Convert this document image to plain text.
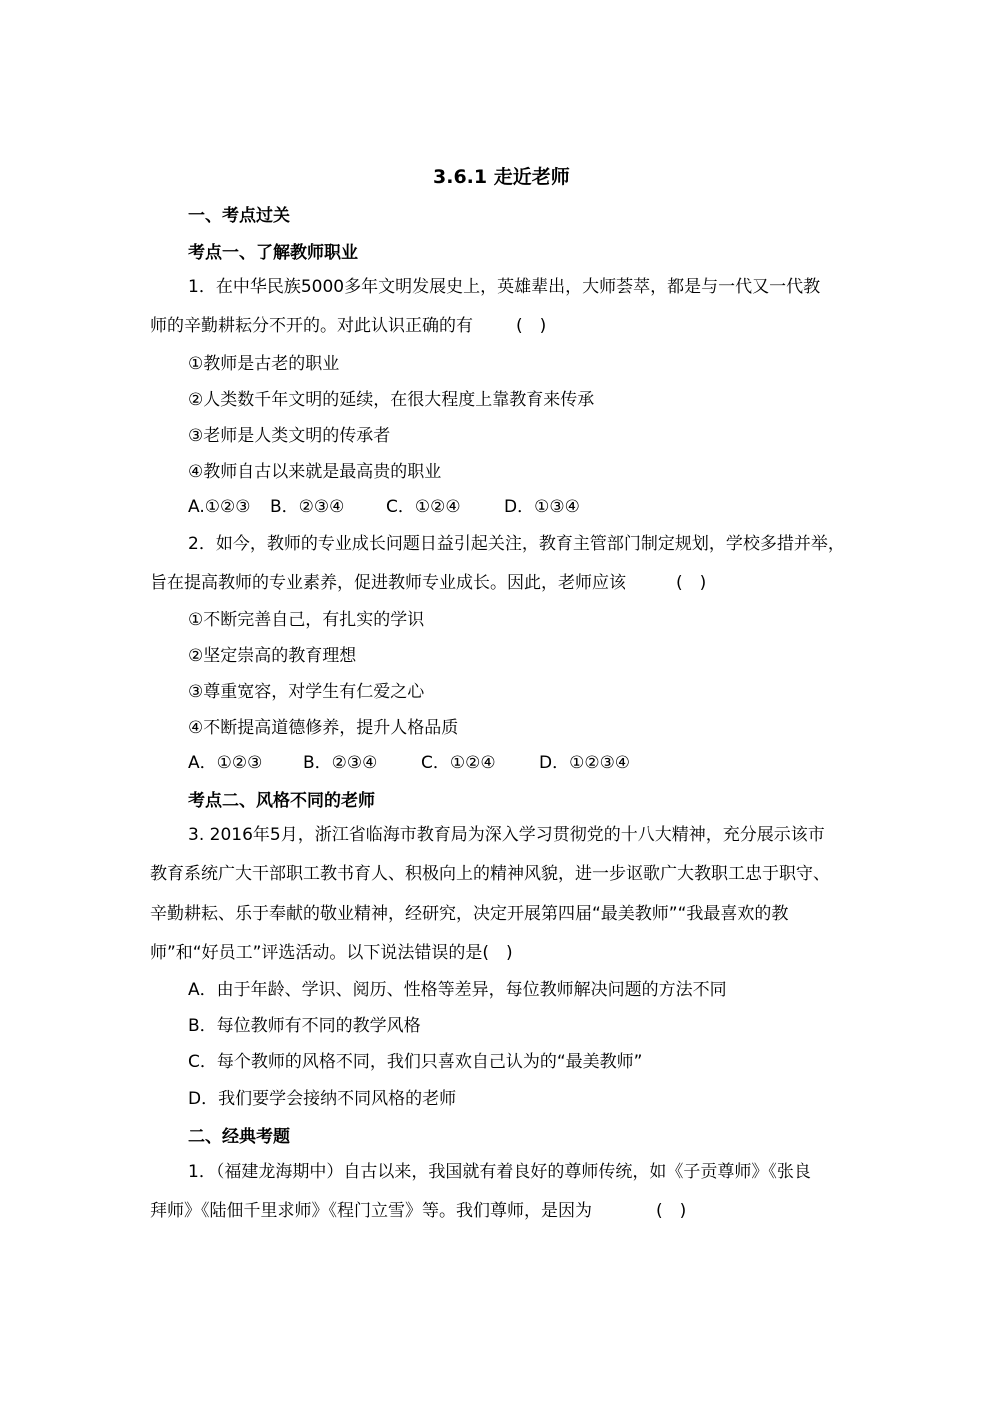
3.6.1 走近老师
一、考点过关
考点一、了解教师职业
1．在中华民族5000多年文明发展史上，英雄辈出，大师荟萃，都是与一代又一代教
师的辛勤耕耘分不开的。对此认识正确的有	(　)
①教师是古老的职业
②人类数千年文明的延续，在很大程度上靠教育来传承
③老师是人类文明的传承者
④教师自古以来就是最高贵的职业
A.①②③ B．②③④ C．①②④	D．①③④
2．如今，教师的专业成长问题日益引起关注，教育主管部门制定规划，学校多措并举，
旨在提高教师的专业素养，促进教师专业成长。因此，老师应该	(　)
①不断完善自己，有扎实的学识
②坚定崇高的教育理想
③尊重宽容，对学生有仁爱之心
④不断提高道德修养，提升人格品质
A．①②③ B．②③④	C．①②④	D．①②③④
考点二、风格不同的老师
3. 2016年5月，浙江省临海市教育局为深入学习贯彻党的十八大精神，充分展示该市
教育系统广大干部职工教书育人、积极向上的精神风貌，进一步讴歌广大教职工忠于职守、
辛勤耕耘、乐于奉献的敬业精神，经研究，决定开展第四届“最美教师”“我最喜欢的教
师”和“好员工”评选活动。以下说法错误的是(　)
A．由于年龄、学识、阅历、性格等差异，每位教师解决问题的方法不同
B．每位教师有不同的教学风格
C．每个教师的风格不同，我们只喜欢自己认为的“最美教师”
D．我们要学会接纳不同风格的老师
二、经典考题
1．（福建龙海期中）自古以来，我国就有着良好的尊师传统，如《子贡尊师》《张良
拜师》《陆佃千里求师》《程门立雪》等。我们尊师，是因为	(　)
